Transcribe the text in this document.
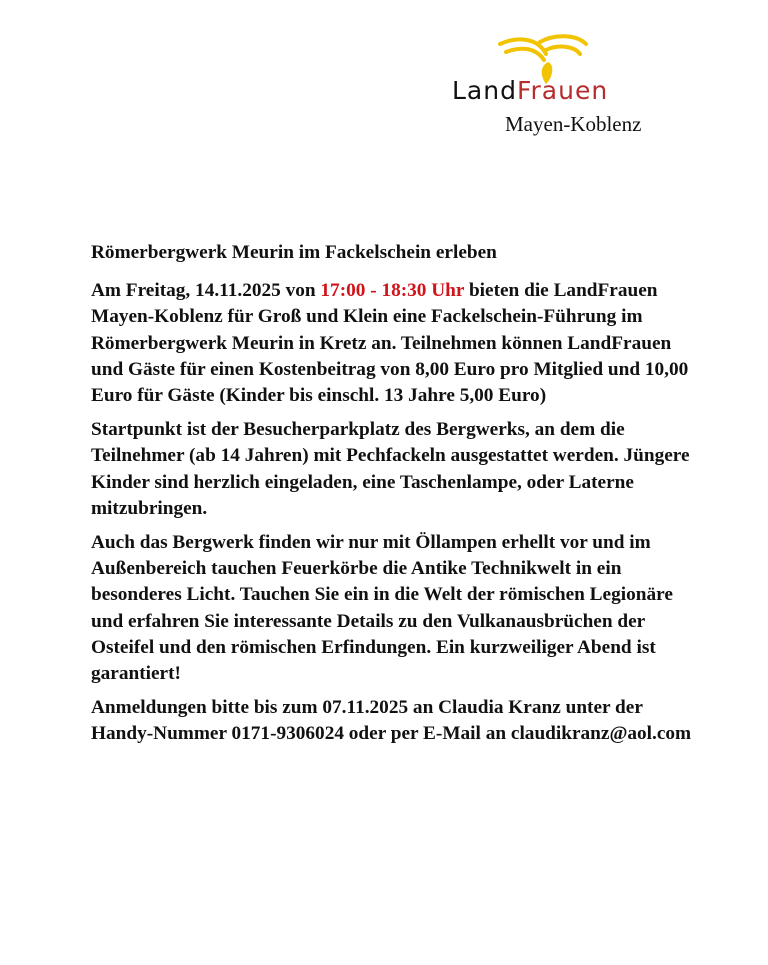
LandFrauen
Mayen-Koblenz

Römerbergwerk Meurin im Fackelschein erleben

Am Freitag, 14.11.2025 von 17:00 - 18:30 Uhr bieten die LandFrauen Mayen-Koblenz für Groß und Klein eine Fackelschein-Führung im Römerbergwerk Meurin in Kretz an. Teilnehmen können LandFrauen und Gäste für einen Kostenbeitrag von 8,00 Euro pro Mitglied und 10,00 Euro für Gäste (Kinder bis einschl. 13 Jahre 5,00 Euro)

Startpunkt ist der Besucherparkplatz des Bergwerks, an dem die Teilnehmer (ab 14 Jahren) mit Pechfackeln ausgestattet werden. Jüngere Kinder sind herzlich eingeladen, eine Taschenlampe, oder Laterne mitzubringen.

Auch das Bergwerk finden wir nur mit Öllampen erhellt vor und im Außenbereich tauchen Feuerkörbe die Antike Technikwelt in ein besonderes Licht. Tauchen Sie ein in die Welt der römischen Legionäre und erfahren Sie interessante Details zu den Vulkanausbrüchen der Osteifel und den römischen Erfindungen. Ein kurzweiliger Abend ist garantiert!

Anmeldungen bitte bis zum 07.11.2025 an Claudia Kranz unter der Handy-Nummer 0171-9306024 oder per E-Mail an claudikranz@aol.com
